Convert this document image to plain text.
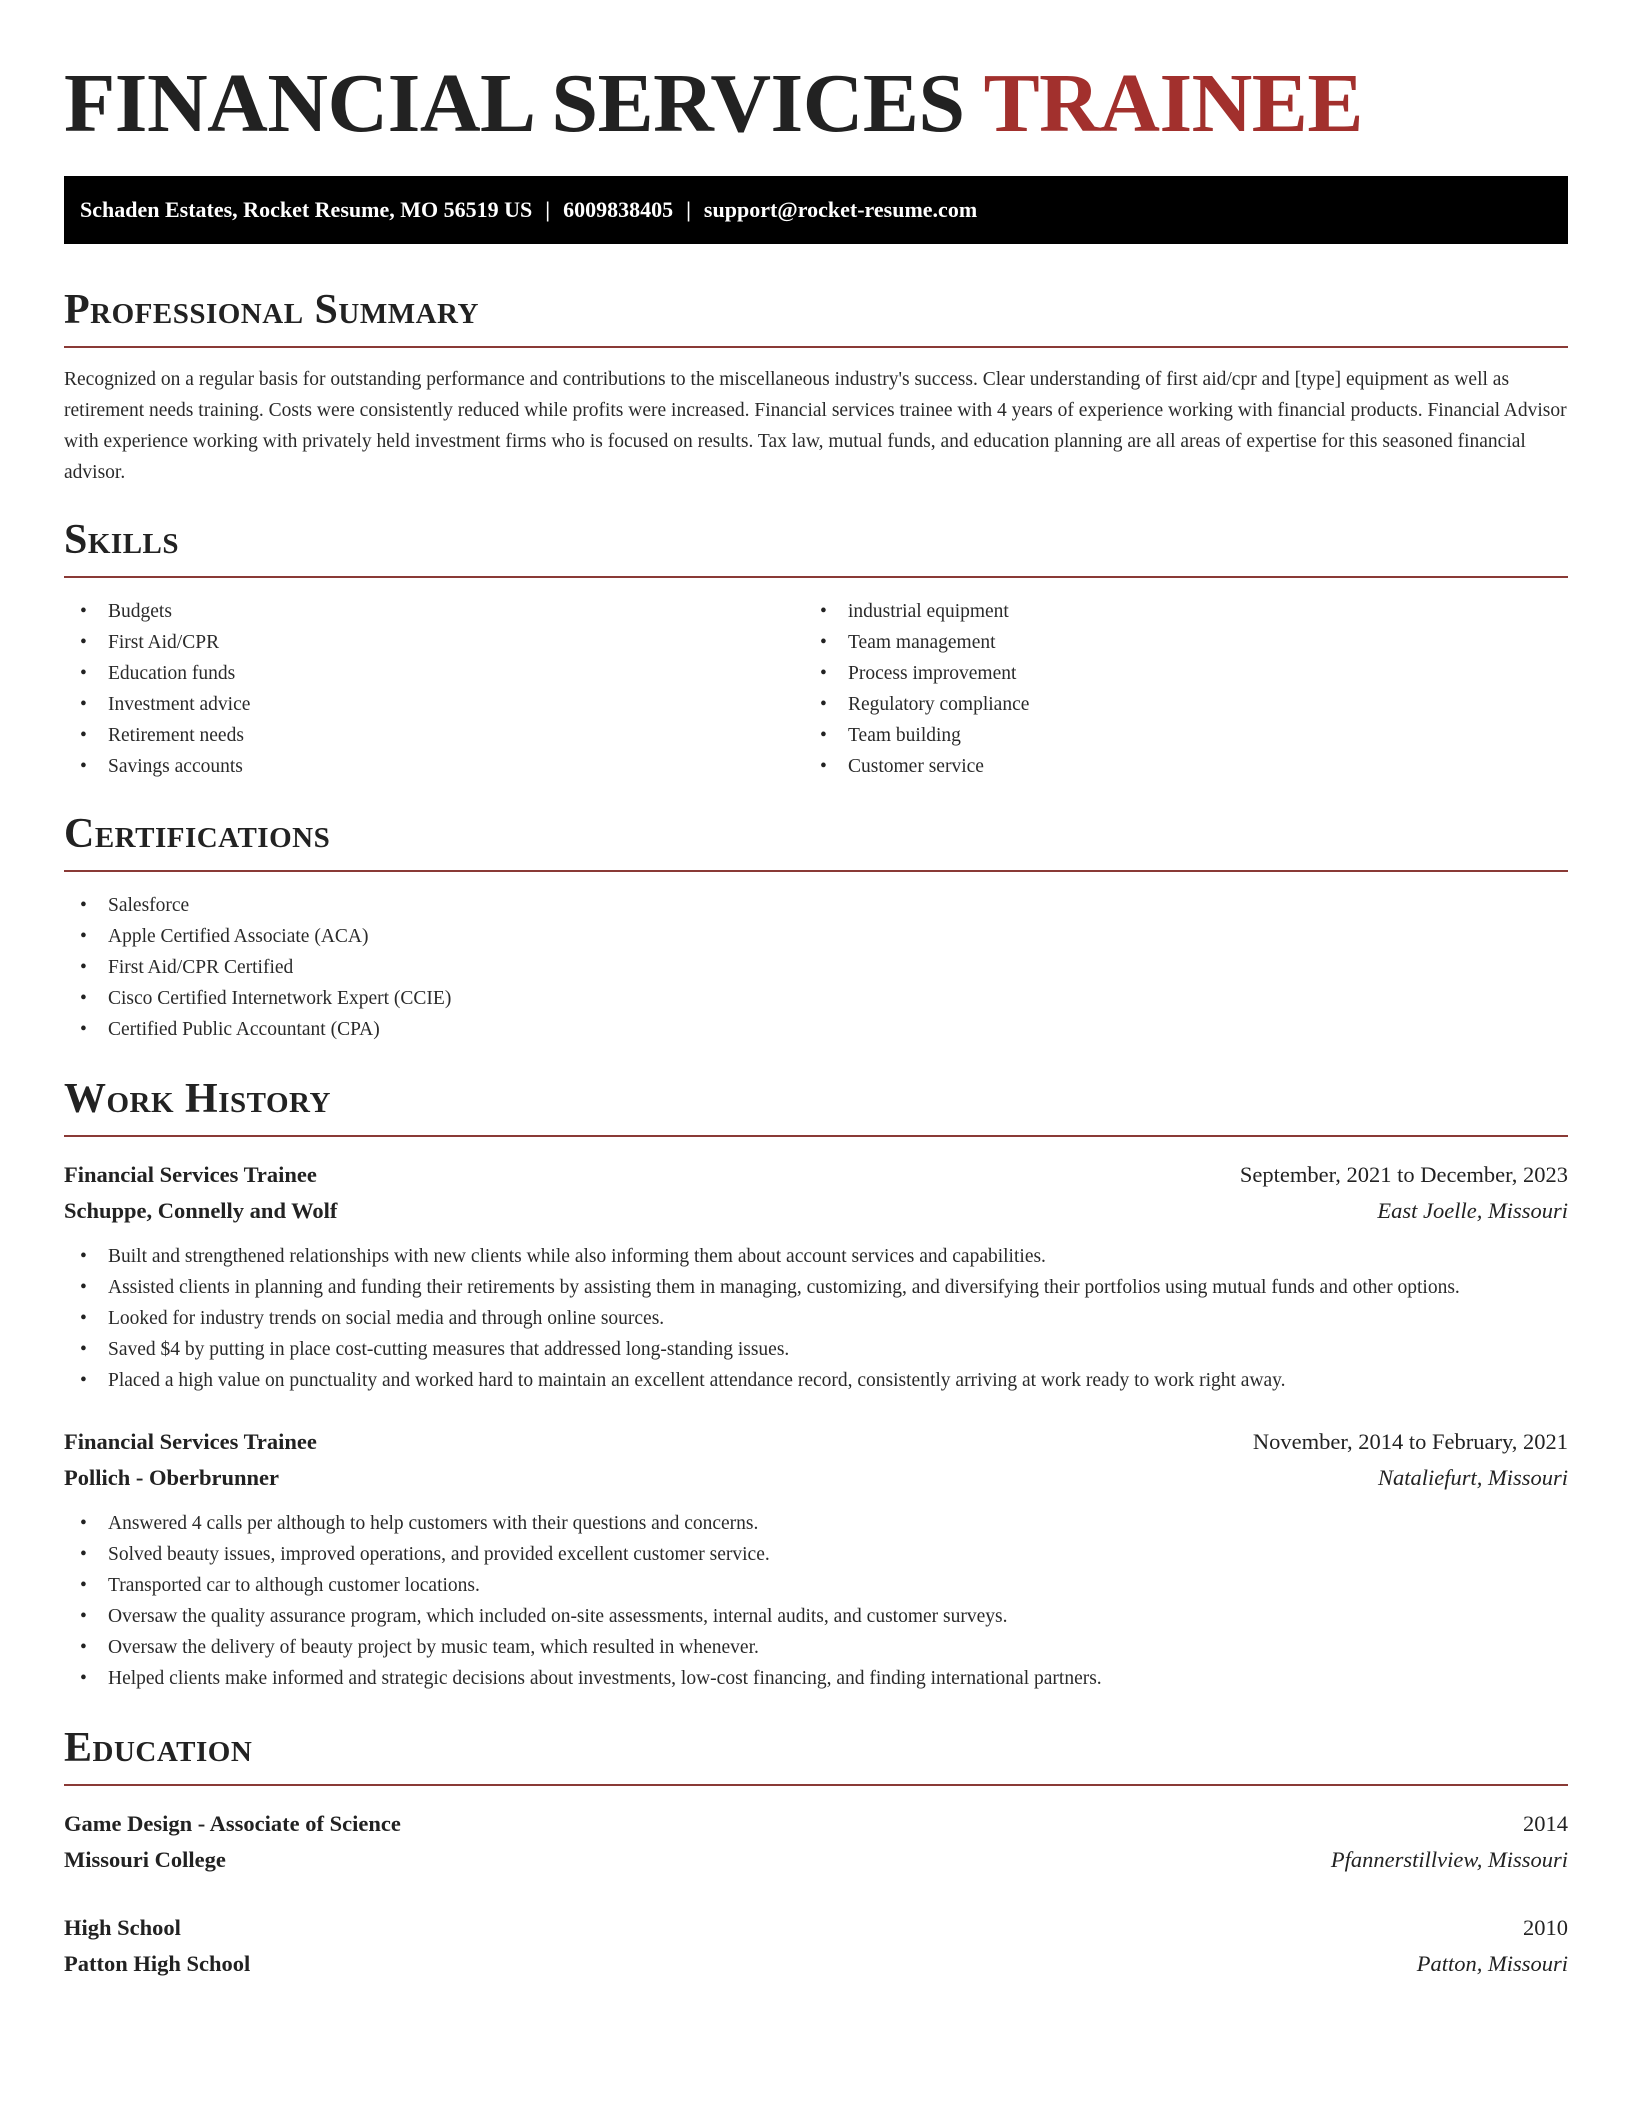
FINANCIAL SERVICES TRAINEE
Schaden Estates, Rocket Resume, MO 56519 US | 6009838405 | support@rocket-resume.com
Professional Summary

Recognized on a regular basis for outstanding performance and contributions to the miscellaneous industry's success. Clear understanding of first aid/cpr and [type] equipment as well as retirement needs training. Costs were consistently reduced while profits were increased. Financial services trainee with 4 years of experience working with financial products. Financial Advisor with experience working with privately held investment firms who is focused on results. Tax law, mutual funds, and education planning are all areas of expertise for this seasoned financial advisor.

Skills
• Budgets
• First Aid/CPR
• Education funds
• Investment advice
• Retirement needs
• Savings accounts
• industrial equipment
• Team management
• Process improvement
• Regulatory compliance
• Team building
• Customer service
Certifications
• Salesforce
• Apple Certified Associate (ACA)
• First Aid/CPR Certified
• Cisco Certified Internetwork Expert (CCIE)
• Certified Public Accountant (CPA)
Work History
Financial Services Trainee	September, 2021 to December, 2023
Schuppe, Connelly and Wolf	East Joelle, Missouri
• Built and strengthened relationships with new clients while also informing them about account services and capabilities.
• Assisted clients in planning and funding their retirements by assisting them in managing, customizing, and diversifying their portfolios using mutual funds and other options.
• Looked for industry trends on social media and through online sources.
• Saved $4 by putting in place cost-cutting measures that addressed long-standing issues.
• Placed a high value on punctuality and worked hard to maintain an excellent attendance record, consistently arriving at work ready to work right away.
Financial Services Trainee	November, 2014 to February, 2021
Pollich - Oberbrunner	Nataliefurt, Missouri
• Answered 4 calls per although to help customers with their questions and concerns.
• Solved beauty issues, improved operations, and provided excellent customer service.
• Transported car to although customer locations.
• Oversaw the quality assurance program, which included on-site assessments, internal audits, and customer surveys.
• Oversaw the delivery of beauty project by music team, which resulted in whenever.
• Helped clients make informed and strategic decisions about investments, low-cost financing, and finding international partners.
Education
Game Design - Associate of Science	2014
Missouri College	Pfannerstillview, Missouri
High School	2010
Patton High School	Patton, Missouri
